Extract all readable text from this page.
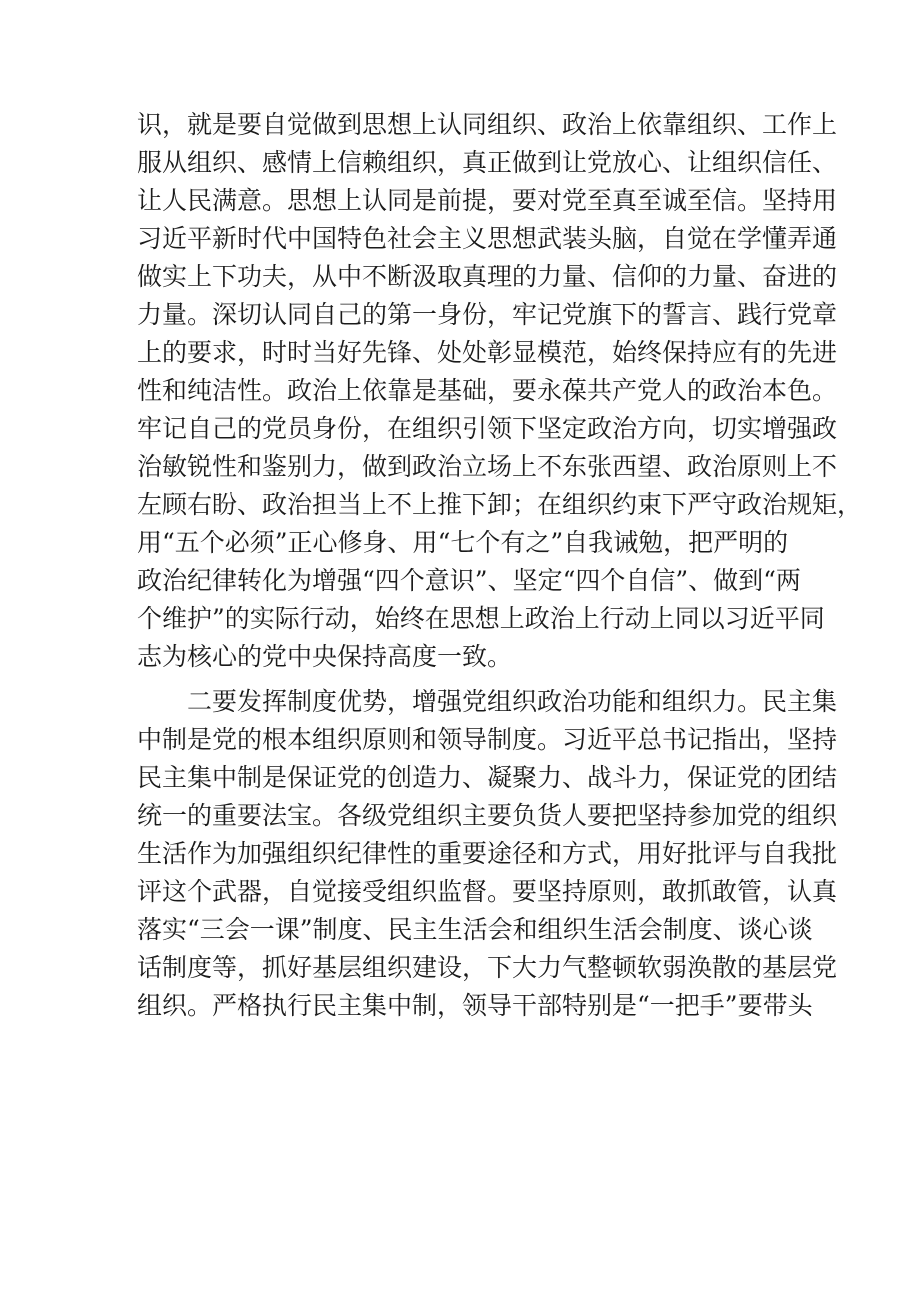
识，就是要自觉做到思想上认同组织、政治上依靠组织、工作上
服从组织、感情上信赖组织，真正做到让党放心、让组织信任、
让人民满意。思想上认同是前提，要对党至真至诚至信。坚持用
习近平新时代中国特色社会主义思想武装头脑，自觉在学懂弄通
做实上下功夫，从中不断汲取真理的力量、信仰的力量、奋进的
力量。深切认同自己的第一身份，牢记党旗下的誓言、践行党章
上的要求，时时当好先锋、处处彰显模范，始终保持应有的先进
性和纯洁性。政治上依靠是基础，要永葆共产党人的政治本色。
牢记自己的党员身份，在组织引领下坚定政治方向，切实增强政
治敏锐性和鉴别力，做到政治立场上不东张西望、政治原则上不
左顾右盼、政治担当上不上推下卸；在组织约束下严守政治规矩，
用“五个必须”正心修身、用“七个有之”自我诫勉，把严明的
政治纪律转化为增强“四个意识”、坚定“四个自信”、做到“两
个维护”的实际行动，始终在思想上政治上行动上同以习近平同
志为核心的党中央保持高度一致。
二要发挥制度优势，增强党组织政治功能和组织力。民主集
中制是党的根本组织原则和领导制度。习近平总书记指出，坚持
民主集中制是保证党的创造力、凝聚力、战斗力，保证党的团结
统一的重要法宝。各级党组织主要负货人要把坚持参加党的组织
生活作为加强组织纪律性的重要途径和方式，用好批评与自我批
评这个武器，自觉接受组织监督。要坚持原则，敢抓敢管，认真
落实“三会一课”制度、民主生活会和组织生活会制度、谈心谈
话制度等，抓好基层组织建设，下大力气整顿软弱涣散的基层党
组织。严格执行民主集中制，领导干部特别是“一把手”要带头
